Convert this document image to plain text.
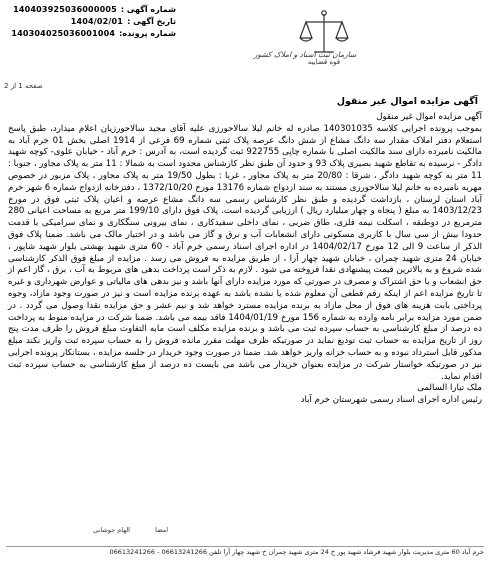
شماره آگهی :
140403925036000005
تاریخ آگهی :
1404/02/01
شماره پرونده:
140304025036001004
قوه قضاییه
سازمان ثبت اسناد و املاک کشور
صفحه 1 از 2
آگهی مزایده اموال غیر منقول

آگهی مزایده اموال غیر منقول

بموجب پرونده اجرایی کلاسه 140301035 صادره له خانم لیلا سالاحورزی علیه آقای مجید سالاحورزیان اعلام میدارد، طبق پاسخ استعلام دفتر املاک مقدار سه دانگ مشاع از شش دانگ عرصه پلاک ثبتی شماره 69 فرعی از 1914 اصلی بخش 01 خرم آباد به مالکیت نامبرده دارای سند مالکیت اصلی با شماره چاپی 922755 ثبت گردیده است، به آدرس : خرم آباد - خیابان علوی- کوچه شهید دادگر - نرسیده به تقاطع شهید بصیری پلاک 93 و حدود آن طبق نظر کارشناس محدود است به شمالا : 11 متر به پلاک مجاور ، جنوبا : 11 متر به کوچه شهید دادگر ، شرقا : 20/80 متر به پلاک مجاور ، غربا : بطول 19/50 متر به پلاک مجاور ، پلاک مزبور در خصوص مهریه نامبرده به خانم لیلا سالاحورزی مستند به سند ازدواج شماره 13176 مورخ 1372/10/20 ، دفترخانه ازدواج شماره 6 شهر خرم آباد استان لرستان ، بازداشت گردیده و طبق نظر کارشناس رسمی سه دانگ مشاع عرصه و اعیان پلاک ثبتی فوق در مورخ 1403/12/23 به مبلغ ( پنجاه و چهار میلیارد ریال ) ارزیابی گردیده است. پلاک فوق دارای 199/10 متر مربع به مساحت اعیانی 280 مترمربع در دوطبقه ، اسکلت نیمه فلزی، طاق ضربی ، نمای داخلی سفیدکاری ، نمای بیرونی سنگکاری و نمای سرامیکی با قدمت حدودا بیش از سی سال با کاربری مسکونی دارای انشعابات آب و برق و گاز می باشد و در اختیار مالک می باشد. ضمنا پلاک فوق الذکر از ساعت 9 الی 12 مورخ 1404/02/17 در اداره اجرای اسناد رسمی خرم آباد - 60 متری شهید بهشتی بلوار شهید شاپور ، خیابان 24 متری شهید چمران ، خیابان شهید چهار آرا ، از طریق مزایده به فروش می رسد . مزایده از مبلغ فوق الذکر کارشناسی شده شروع و به بالاترین قیمت پیشنهادی نقدا فروخته می شود . لازم به ذکر است پرداخت بدهی های مربوط به آب ، برق ، گاز اعم از حق انشعاب و یا حق اشتراک و مصرف در صورتی که مورد مزایده دارای آنها باشد و نیز بدهی های مالیاتی و عوارض شهرداری و غیره تا تاریخ مزایده اعم از اینکه رقم قطعی آن معلوم شده یا نشده باشد به عهده برنده مزایده است و نیز در صورت وجود مازاد، وجوه پرداختی بابت هزینه های فوق از محل مازاد به برنده مزایده مسترد خواهد شد و نیم عشر و حق مزایده نقدا وصول می گردد . در ضمن مورد مزایده برابر نامه وارده به شماره 156 مورخ 1404/01/19 فاقد بیمه می باشد. ضمنا شرکت در مزایده منوط به پرداخت ده درصد از مبلغ کارشناسی به حساب سپرده ثبت می باشد و برنده مزایده مکلف است مابه التفاوت مبلغ فروش را ظرف مدت پنج روز از تاریخ مزایده به حساب ثبت تودیع نماید در صورتیکه ظرف مهلت مقرر مانده فروش را به حساب سپرده ثبت واریز نکند مبلغ مذکور قابل استرداد نبوده و به حساب خزانه واریز خواهد شد. ضمنا در صورت وجود خریدار در جلسه مزایده ، بستانکار پرونده اجرایی نیز در صورتیکه خواستار شرکت در مزایده بعنوان خریدار می باشد می بایست ده درصد از مبلغ کارشناسی به حساب سپرده ثبت اقدام نماید.

ملک تیارا السالمی

رئیس اداره اجرای اسناد رسمی شهرستان خرم آباد

امضا
الهام جوشانی
خرم آباد 60 متری مدیریت بلوار شهید فرشاد شهید پور خ 24 متری شهید چمران خ شهید چهار آرا تلفن 06613241266 - 06613241266
